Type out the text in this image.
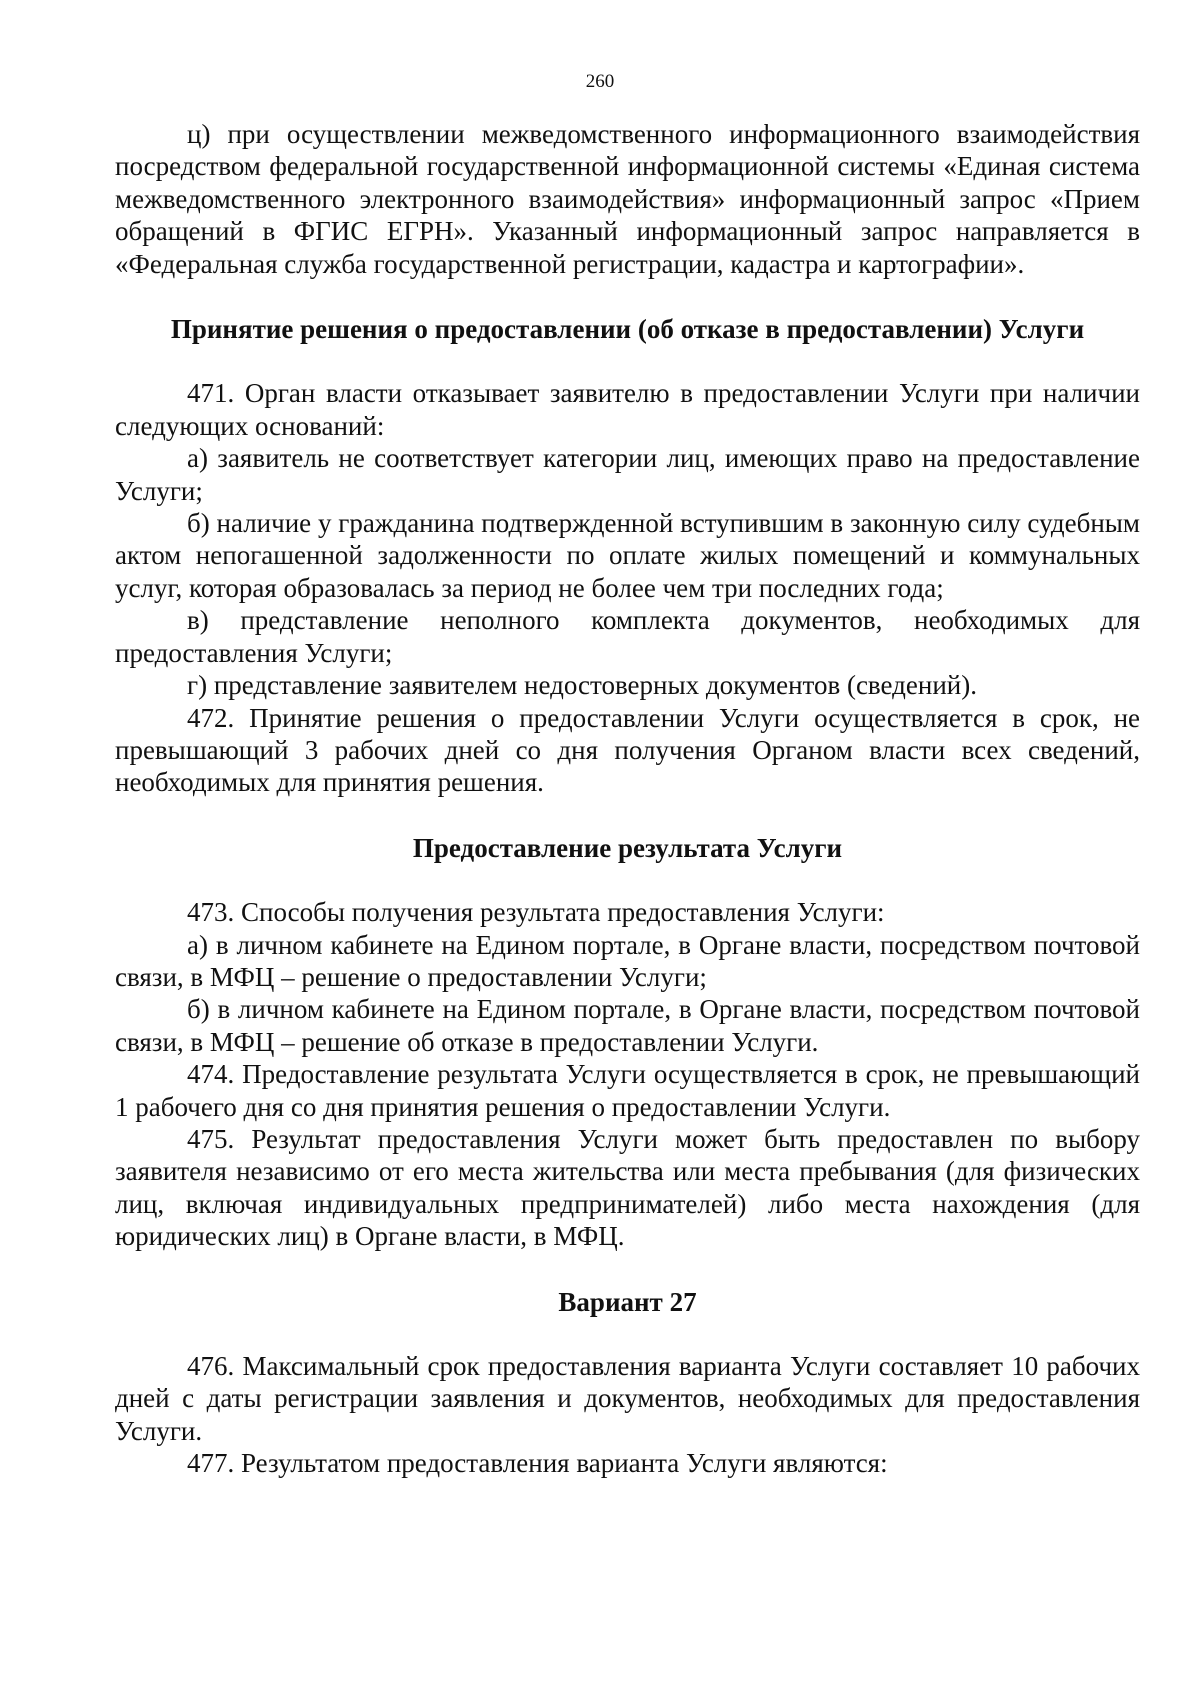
260

ц) при осуществлении межведомственного информационного взаимодействия посредством федеральной государственной информационной системы «Единая система межведомственного электронного взаимодействия» информационный запрос «Прием обращений в ФГИС ЕГРН». Указанный информационный запрос направляется в «Федеральная служба государственной регистрации, кадастра и картографии».

Принятие решения о предоставлении (об отказе в предоставлении) Услуги

471. Орган власти отказывает заявителю в предоставлении Услуги при наличии следующих оснований:

а) заявитель не соответствует категории лиц, имеющих право на предоставление Услуги;

б) наличие у гражданина подтвержденной вступившим в законную силу судебным актом непогашенной задолженности по оплате жилых помещений и коммунальных услуг, которая образовалась за период не более чем три последних года;

в) представление неполного комплекта документов, необходимых для предоставления Услуги;

г) представление заявителем недостоверных документов (сведений).

472. Принятие решения о предоставлении Услуги осуществляется в срок, не превышающий 3 рабочих дней со дня получения Органом власти всех сведений, необходимых для принятия решения.

Предоставление результата Услуги

473. Способы получения результата предоставления Услуги:

а) в личном кабинете на Едином портале, в Органе власти, посредством почтовой связи, в МФЦ – решение о предоставлении Услуги;

б) в личном кабинете на Едином портале, в Органе власти, посредством почтовой связи, в МФЦ – решение об отказе в предоставлении Услуги.

474. Предоставление результата Услуги осуществляется в срок, не превышающий 1 рабочего дня со дня принятия решения о предоставлении Услуги.

475. Результат предоставления Услуги может быть предоставлен по выбору заявителя независимо от его места жительства или места пребывания (для физических лиц, включая индивидуальных предпринимателей) либо места нахождения (для юридических лиц) в Органе власти, в МФЦ.

Вариант 27

476. Максимальный срок предоставления варианта Услуги составляет 10 рабочих дней с даты регистрации заявления и документов, необходимых для предоставления Услуги.

477. Результатом предоставления варианта Услуги являются:
